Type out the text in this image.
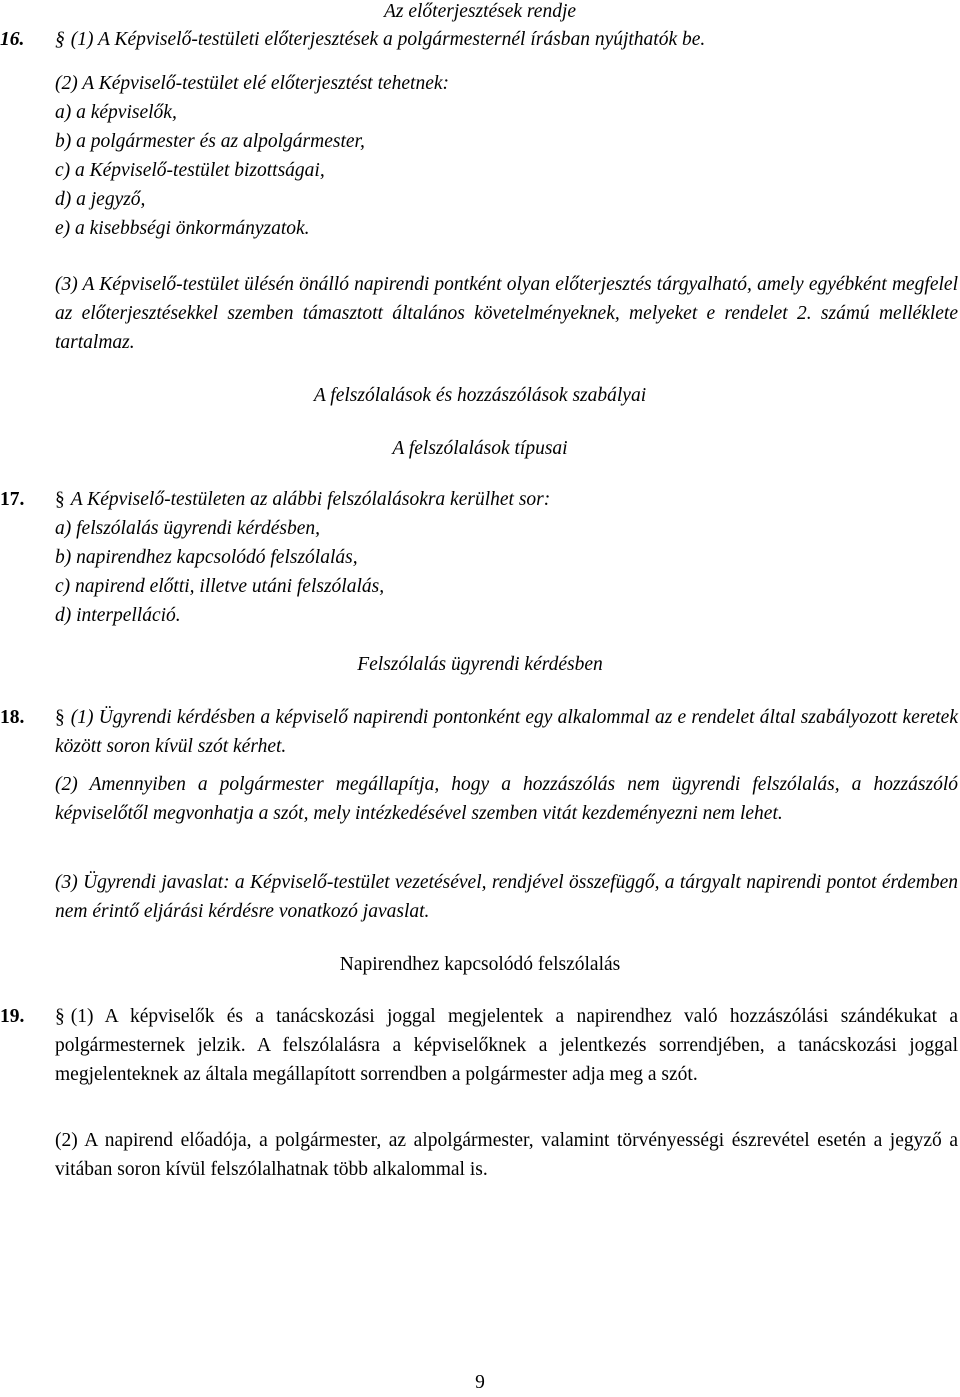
Az előterjesztések rendje

16.	§ (1) A Képviselő-testületi előterjesztések a polgármesternél írásban nyújthatók be.

(2) A Képviselő-testület elé előterjesztést tehetnek:
a) a képviselők,
b) a polgármester és az alpolgármester,
c) a Képviselő-testület bizottságai,
d) a jegyző,
e) a kisebbségi önkormányzatok.

(3) A Képviselő-testület ülésén önálló napirendi pontként olyan előterjesztés tárgyalható, amely egyébként megfelel az előterjesztésekkel szemben támasztott általános követelményeknek, melyeket e rendelet 2. számú melléklete tartalmaz.

A felszólalások és hozzászólások szabályai

A felszólalások típusai

17.	§ A Képviselő-testületen az alábbi felszólalásokra kerülhet sor:
a) felszólalás ügyrendi kérdésben,
b) napirendhez kapcsolódó felszólalás,
c) napirend előtti, illetve utáni felszólalás,
d) interpelláció.

Felszólalás ügyrendi kérdésben

18.	§ (1) Ügyrendi kérdésben a képviselő napirendi pontonként egy alkalommal az e rendelet által szabályozott keretek között soron kívül szót kérhet.

(2) Amennyiben a polgármester megállapítja, hogy a hozzászólás nem ügyrendi felszólalás, a hozzászóló képviselőtől megvonhatja a szót, mely intézkedésével szemben vitát kezdeményezni nem lehet.

(3) Ügyrendi javaslat: a Képviselő-testület vezetésével, rendjével összefüggő, a tárgyalt napirendi pontot érdemben nem érintő eljárási kérdésre vonatkozó javaslat.

Napirendhez kapcsolódó felszólalás

19.	§ (1) A képviselők és a tanácskozási joggal megjelentek a napirendhez való hozzászólási szándékukat a polgármesternek jelzik. A felszólalásra a képviselőknek a jelentkezés sorrendjében, a tanácskozási joggal megjelenteknek az általa megállapított sorrendben a polgármester adja meg a szót.

(2) A napirend előadója, a polgármester, az alpolgármester, valamint törvényességi észrevétel esetén a jegyző a vitában soron kívül felszólalhatnak több alkalommal is.

9
